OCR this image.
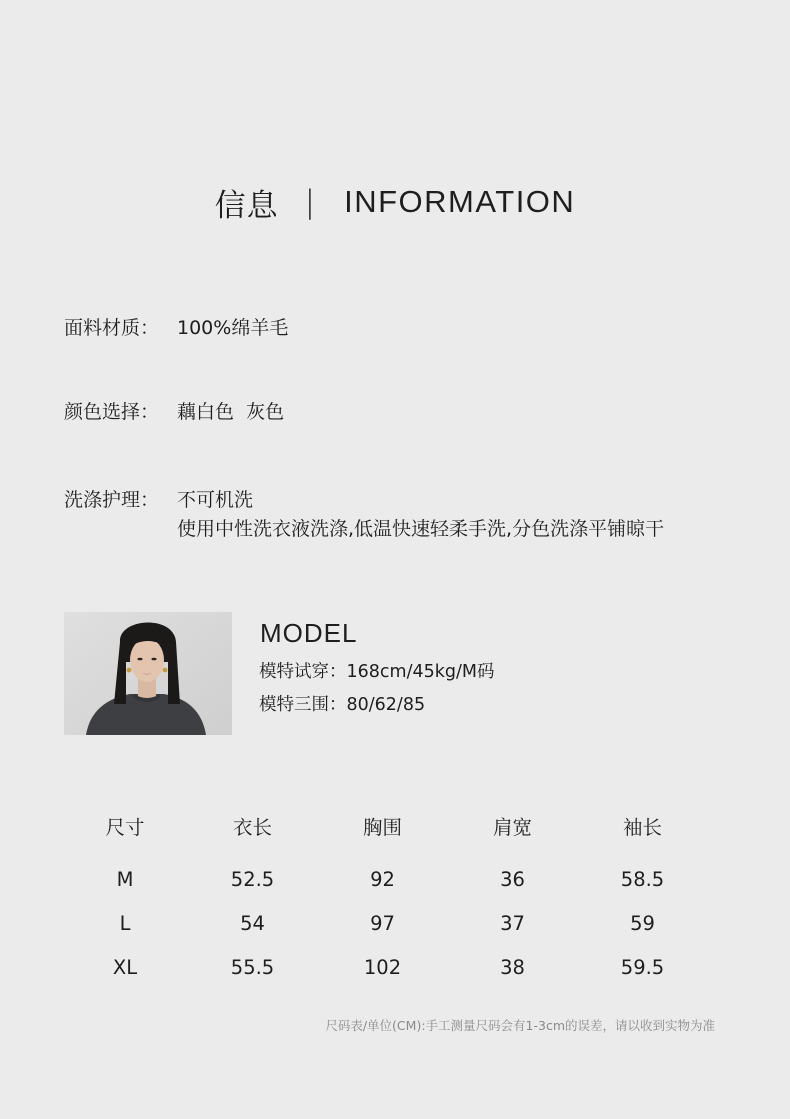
信息 | INFORMATION
面料材质： 100%绵羊毛
颜色选择： 藕白色  灰色
洗涤护理： 不可机洗
使用中性洗衣液洗涤,低温快速轻柔手洗,分色洗涤平铺晾干
MODEL
模特试穿：168cm/45kg/M码
模特三围：80/62/85
尺寸	衣长	胸围	肩宽	袖长
M	52.5	92	36	58.5
L	54	97	37	59
XL	55.5	102	38	59.5
尺码表/单位(CM):手工测量尺码会有1-3cm的误差，请以收到实物为准
